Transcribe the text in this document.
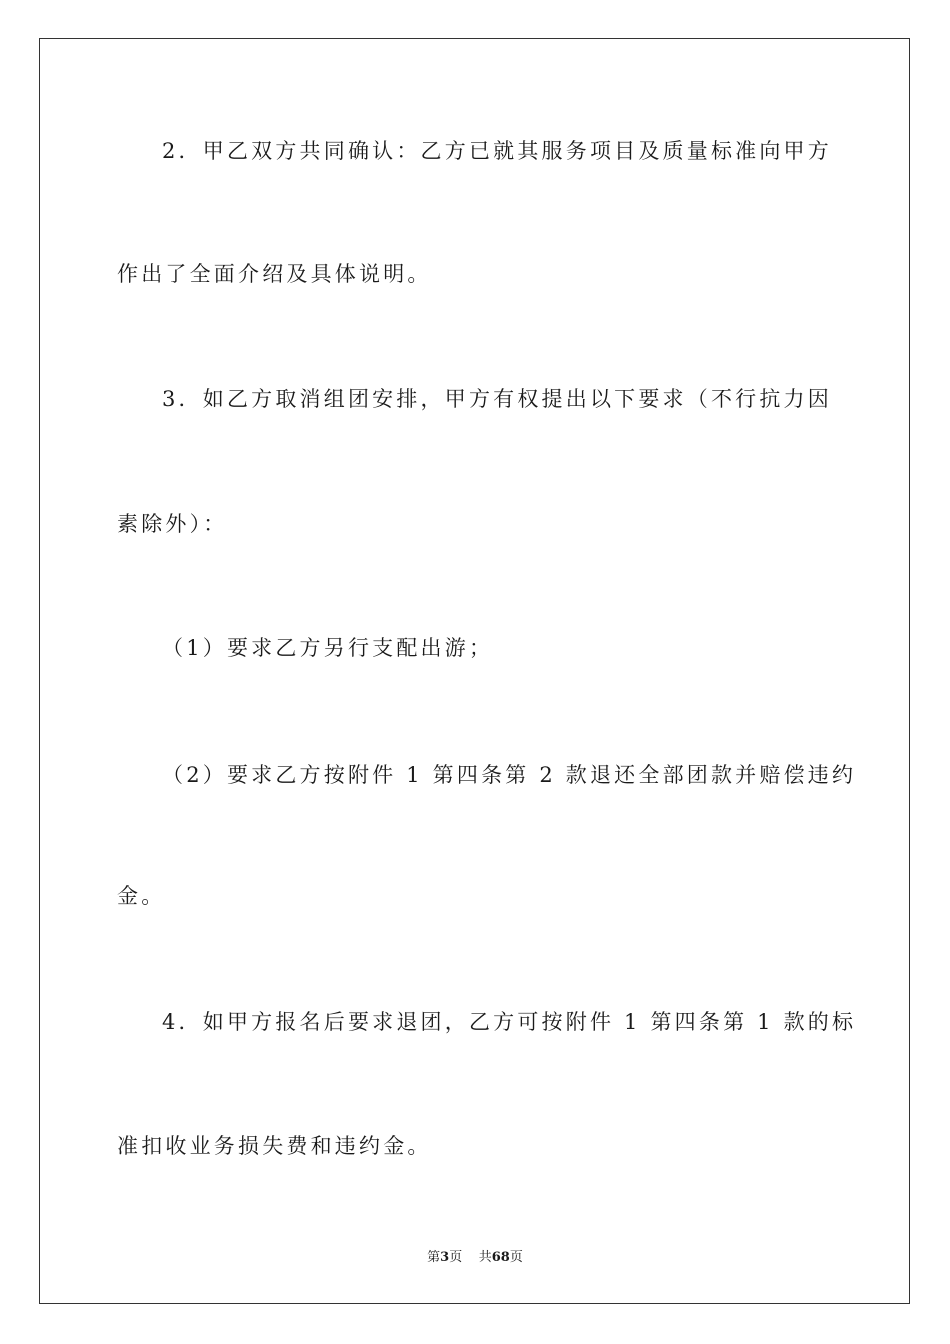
2．甲乙双方共同确认：乙方已就其服务项目及质量标准向甲方

作出了全面介绍及具体说明。

3．如乙方取消组团安排，甲方有权提出以下要求（不行抗力因

素除外）：

（1）要求乙方另行支配出游；

（2）要求乙方按附件 1 第四条第 2 款退还全部团款并赔偿违约

金。

4．如甲方报名后要求退团，乙方可按附件 1 第四条第 1 款的标

准扣收业务损失费和违约金。

第3页 共68页
